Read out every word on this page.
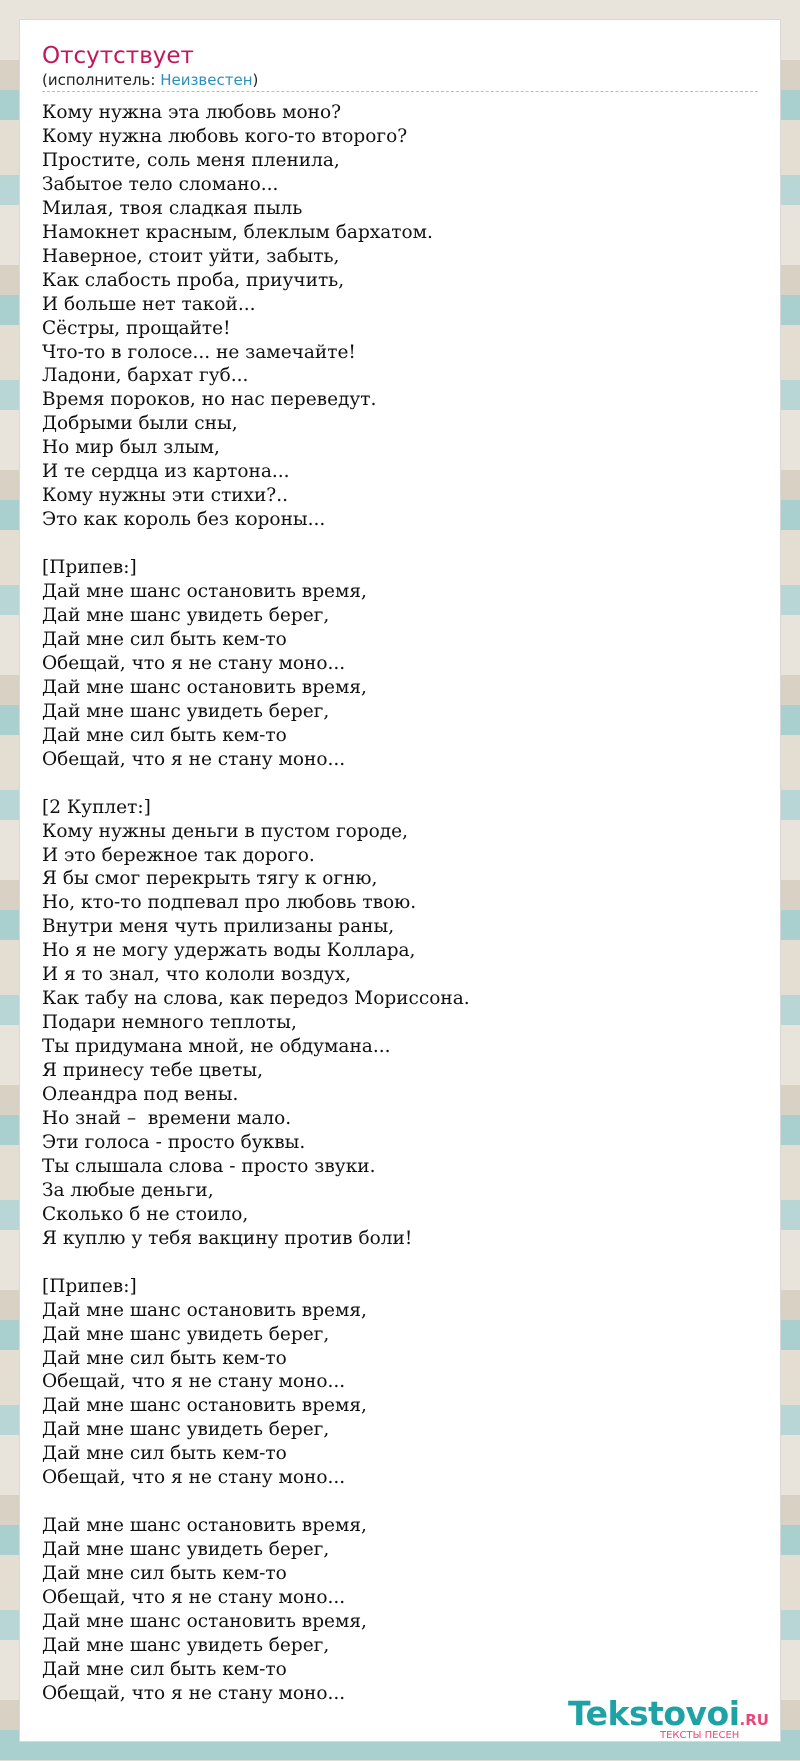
Отсутствует
(исполнитель: Неизвестен)
Кому нужна эта любовь моно?
Кому нужна любовь кого-то второго?
Простите, соль меня пленила,
Забытое тело сломано...
Милая, твоя сладкая пыль
Намокнет красным, блеклым бархатом.
Наверное, стоит уйти, забыть,
Как слабость проба, приучить,
И больше нет такой...
Сёстры, прощайте!
Что-то в голосе... не замечайте!
Ладони, бархат губ...
Время пороков, но нас переведут.
Добрыми были сны,
Но мир был злым,
И те сердца из картона...
Кому нужны эти стихи?..
Это как король без короны...
[Припев:]
Дай мне шанс остановить время,
Дай мне шанс увидеть берег,
Дай мне сил быть кем-то
Обещай, что я не стану моно...
Дай мне шанс остановить время,
Дай мне шанс увидеть берег,
Дай мне сил быть кем-то
Обещай, что я не стану моно...
[2 Куплет:]
Кому нужны деньги в пустом городе,
И это бережное так дорого.
Я бы смог перекрыть тягу к огню,
Но, кто-то подпевал про любовь твою.
Внутри меня чуть прилизаны раны,
Но я не могу удержать воды Коллара,
И я то знал, что кололи воздух,
Как табу на слова, как передоз Мориссона.
Подари немного теплоты,
Ты придумана мной, не обдумана...
Я принесу тебе цветы,
Олеандра под вены.
Но знай –  времени мало.
Эти голоса - просто буквы.
Ты слышала слова - просто звуки.
За любые деньги,
Сколько б не стоило,
Я куплю у тебя вакцину против боли!
[Припев:]
Дай мне шанс остановить время,
Дай мне шанс увидеть берег,
Дай мне сил быть кем-то
Обещай, что я не стану моно...
Дай мне шанс остановить время,
Дай мне шанс увидеть берег,
Дай мне сил быть кем-то
Обещай, что я не стану моно...
Дай мне шанс остановить время,
Дай мне шанс увидеть берег,
Дай мне сил быть кем-то
Обещай, что я не стану моно...
Дай мне шанс остановить время,
Дай мне шанс увидеть берег,
Дай мне сил быть кем-то
Обещай, что я не стану моно...
Tekstovoi.RU
ТЕКСТЫ ПЕСЕН
